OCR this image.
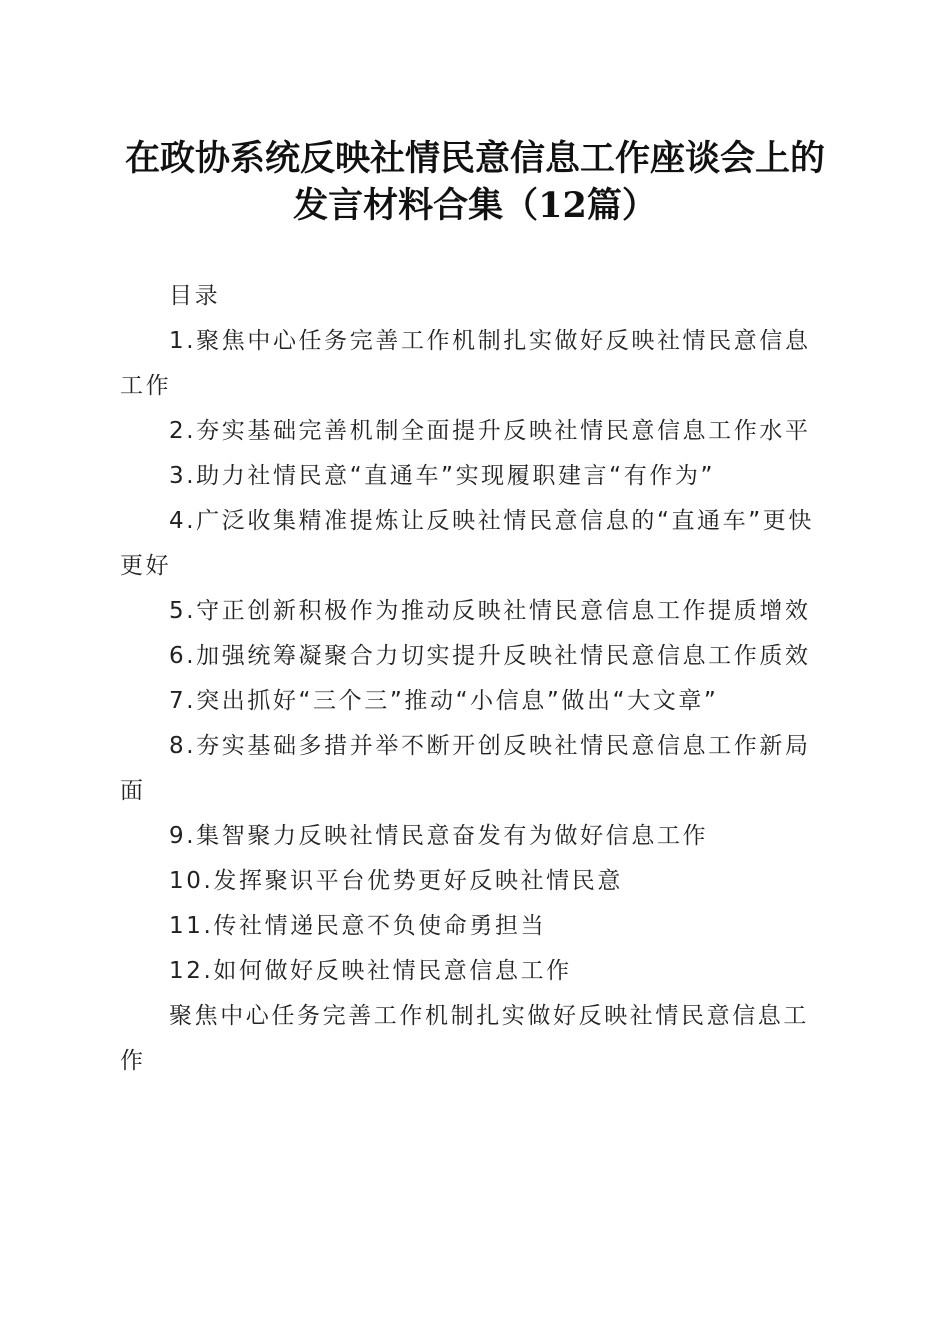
在政协系统反映社情民意信息工作座谈会上的
发言材料合集（12篇）

目录

1.聚焦中心任务完善工作机制扎实做好反映社情民意信息工作

2.夯实基础完善机制全面提升反映社情民意信息工作水平

3.助力社情民意“直通车”实现履职建言“有作为”

4.广泛收集精准提炼让反映社情民意信息的“直通车”更快更好

5.守正创新积极作为推动反映社情民意信息工作提质增效

6.加强统筹凝聚合力切实提升反映社情民意信息工作质效

7.突出抓好“三个三”推动“小信息”做出“大文章”

8.夯实基础多措并举不断开创反映社情民意信息工作新局面

9.集智聚力反映社情民意奋发有为做好信息工作

10.发挥聚识平台优势更好反映社情民意

11.传社情递民意不负使命勇担当

12.如何做好反映社情民意信息工作

聚焦中心任务完善工作机制扎实做好反映社情民意信息工作
